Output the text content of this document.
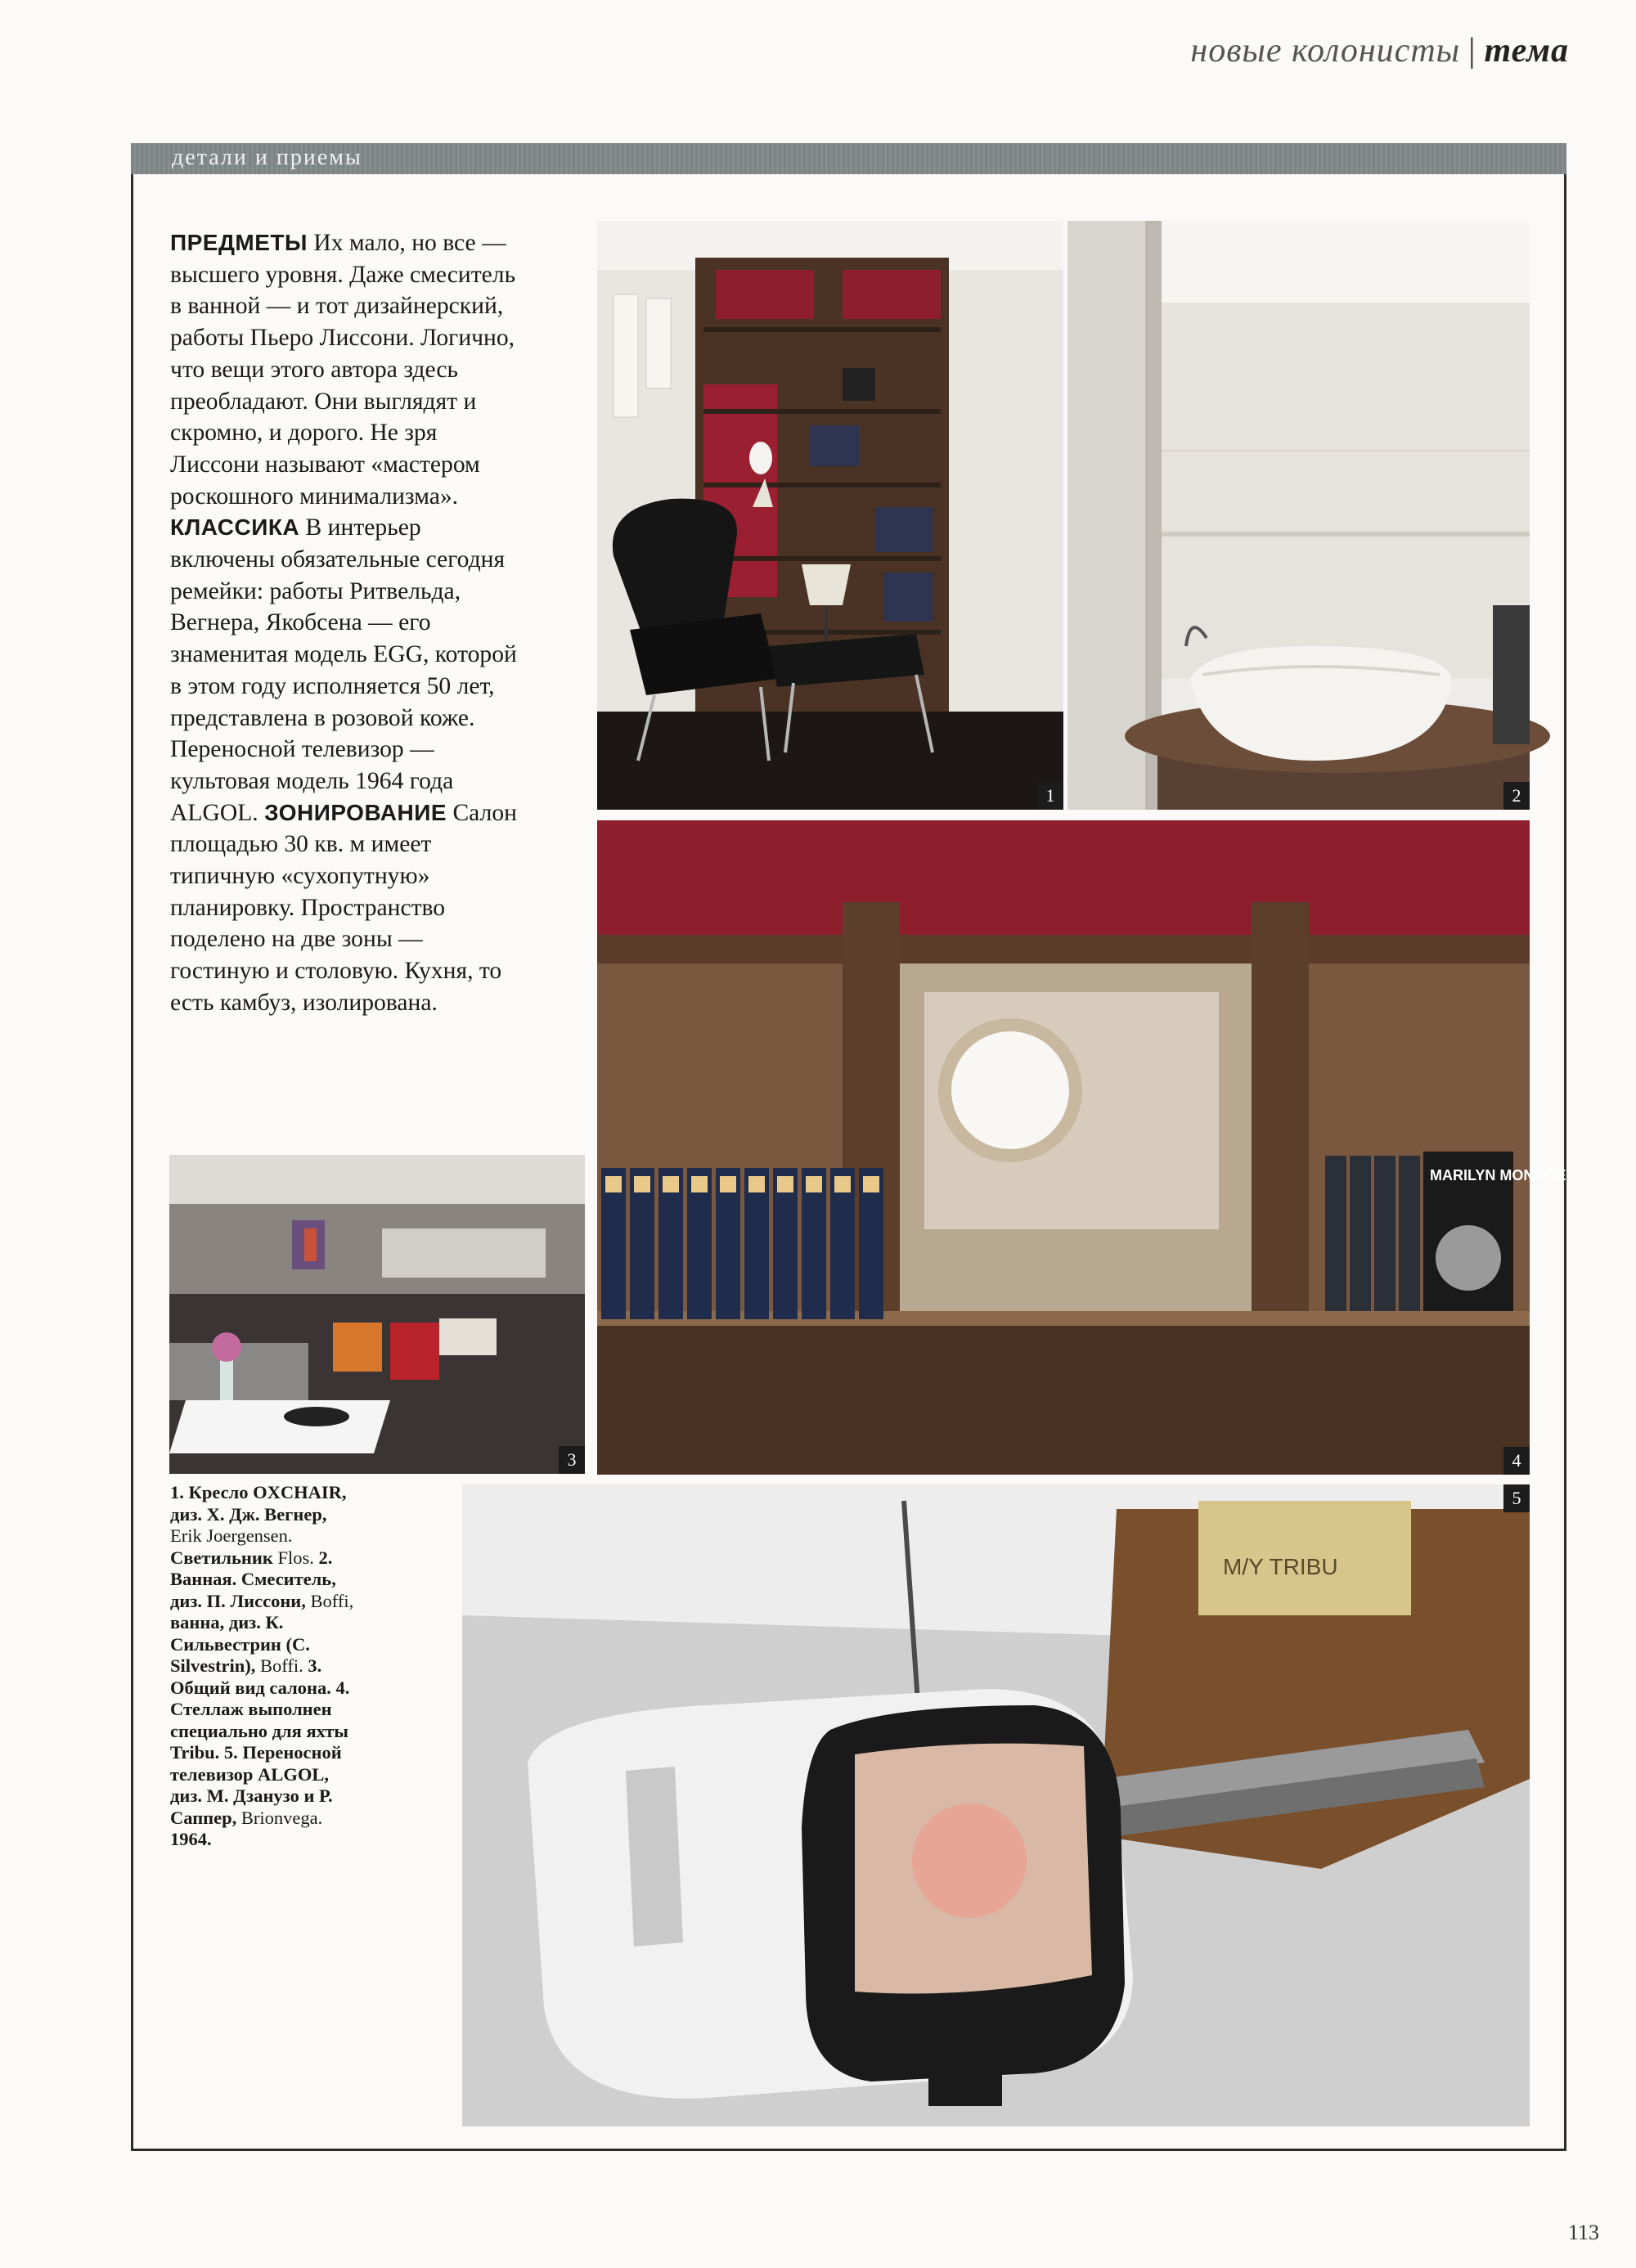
новые колонисты | тема
детали и приемы
ПРЕДМЕТЫ Их мало, но все — высшего уровня. Даже смеситель в ванной — и тот дизайнерский, работы Пьеро Лиссони. Логично, что вещи этого автора здесь преобладают. Они выглядят и скромно, и дорого. Не зря Лиссони называют «мастером роскошного минимализма». КЛАССИКА В интерьер включены обязательные сегодня ремейки: работы Ритвельда, Вегнера, Якобсена — его знаменитая модель EGG, которой в этом году исполняется 50 лет, представлена в розовой коже. Переносной телевизор — культовая модель 1964 года ALGOL. ЗОНИРОВАНИЕ Салон площадью 30 кв. м имеет типичную «сухопутную» планировку. Пространство поделено на две зоны — гостиную и столовую. Кухня, то есть камбуз, изолирована.
1	2
3
MARILYN MONROE
4
M/Y TRIBU
5
1. Кресло OXCHAIR, диз. Х. Дж. Вегнер, Erik Joergensen. Светильник Flos. 2. Ванная. Смеситель, диз. П. Лиссони, Boffi, ванна, диз. К. Сильвестрин (C. Silvestrin), Boffi. 3. Общий вид салона. 4. Стеллаж выполнен специально для яхты Tribu. 5. Переносной телевизор ALGOL, диз. М. Дзанузо и Р. Саппер, Brionvega. 1964.
113
